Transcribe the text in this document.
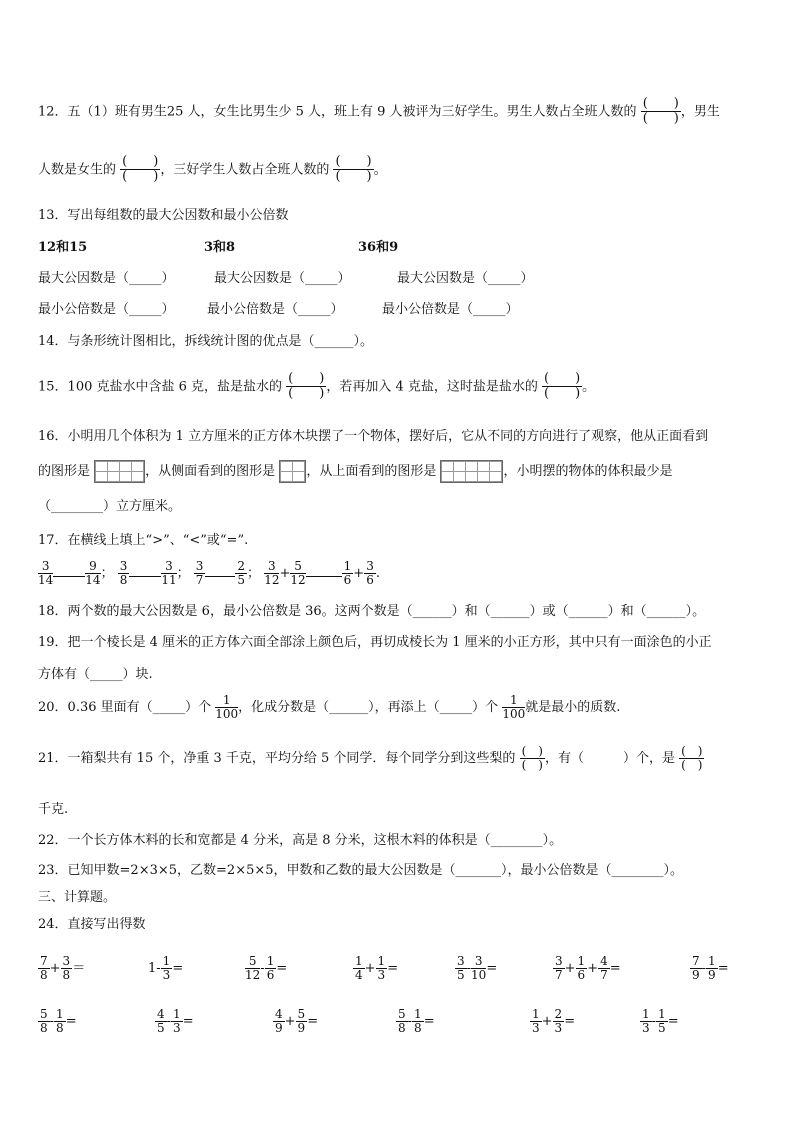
12．五（1）班有男生25 人，女生比男生少 5 人，班上有 9 人被评为三好学生。男生人数占全班人数的 $\frac{( )}{( )}$ ，男生
人数是女生的 $\frac{( )}{( )}$ ，三好学生人数占全班人数的 $\frac{( )}{( )}$ 。
13．写出每组数的最大公因数和最小公倍数
12和15	3和8	36和9
最大公因数是（_____）	最大公因数是（_____）	最大公因数是（_____）
最小公倍数是（_____） 最小公倍数是（_____）	最小公倍数是（_____）
14．与条形统计图相比，拆线统计图的优点是（______）。
15．100 克盐水中含盐 6 克，盐是盐水的 $\frac{( )}{( )}$ ，若再加入 4 克盐，这时盐是盐水的 $\frac{( )}{( )}$ 。
16．小明用几个体积为 1 立方厘米的正方体木块摆了一个物体，摆好后，它从不同的方向进行了观察，他从正面看到
的图形是			
				，从侧面看到的图形是	
	，从上面看到的图形是				
					，小明摆的物体的体积最少是
（________）立方厘米。
17．在横线上填上“>”、“<”或“=”.
$\frac{3}{14}$	$\frac{9}{14}$ ； $\frac{3}{8}$	$\frac{3}{11}$ ； $\frac{3}{7}$	$\frac{2}{5}$ ； $\frac{3}{12} + \frac{5}{12}$	$\frac{1}{6} + \frac{3}{6}$ .
18．两个数的最大公因数是 6，最小公倍数是 36。这两个数是（______）和（______）或（______）和（______）。
19．把一个棱长是 4 厘米的正方体六面全部涂上颜色后，再切成棱长为 1 厘米的小正方形，其中只有一面涂色的小正
方体有（_____）块.
20．0.36 里面有（_____）个 $\frac{1}{100}$ ，化成分数是（______），再添上（_____）个 $\frac{1}{100}$ 就是最小的质数.
21．一箱梨共有 15 个，净重 3 千克，平均分给 5 个同学．每个同学分到这些梨的 $\frac{( )}{( )}$ ，有（　　　）个，是 $\frac{( )}{( )}$
千克.
22．一个长方体木料的长和宽都是 4 分米，高是 8 分米，这根木料的体积是（________）。
23．已知甲数=2×3×5，乙数=2×5×5，甲数和乙数的最大公因数是（_______），最小公倍数是（________）。
三、计算题。
24．直接写出得数
$\frac{7}{8} + \frac{3}{8}$ ＝	$1- \frac{1}{3}$ =	$\frac{5}{12} - \frac{1}{6}$ =	$\frac{1}{4} + \frac{1}{3}$ =	$\frac{3}{5} - \frac{3}{10}$ =	$\frac{3}{7} + \frac{1}{6} + \frac{4}{7}$ =	$\frac{7}{9} - \frac{1}{9}$ =
$\frac{5}{8} - \frac{1}{8}$ =	$\frac{4}{5} - \frac{1}{3}$ =	$\frac{4}{9} + \frac{5}{9}$ =	$\frac{5}{8} - \frac{1}{8}$ =	$\frac{1}{3} + \frac{2}{3}$ =	$\frac{1}{3} - \frac{1}{5}$ =
